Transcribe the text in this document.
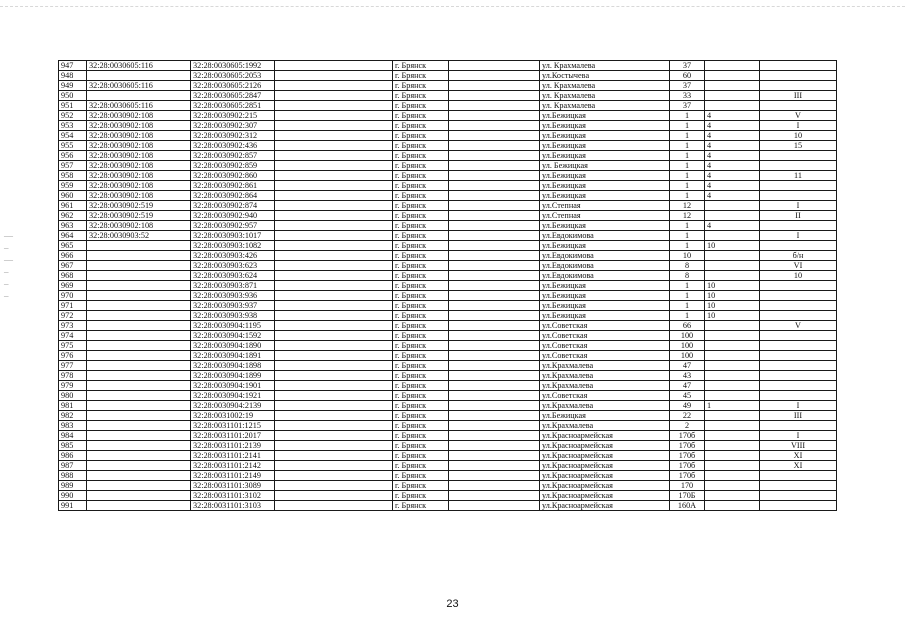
—
–
—
–
–
–
947	32:28:0030605:116	32:28:0030605:1992		г. Брянск		ул. Крахмалева	37		
948		32:28:0030605:2053		г. Брянск		ул.Костычева	60		
949	32:28:0030605:116	32:28:0030605:2126		г. Брянск		ул. Крахмалева	37		
950		32:28:0030605:2847		г. Брянск		ул. Крахмалева	33		III
951	32:28:0030605:116	32:28:0030605:2851		г. Брянск		ул. Крахмалева	37		
952	32:28:0030902:108	32:28:0030902:215		г. Брянск		ул.Бежицкая	1	4	V
953	32:28:0030902:108	32:28:0030902:307		г. Брянск		ул.Бежицкая	1	4	I
954	32:28:0030902:108	32:28:0030902:312		г. Брянск		ул.Бежицкая	1	4	10
955	32:28:0030902:108	32:28:0030902:436		г. Брянск		ул.Бежицкая	1	4	15
956	32:28:0030902:108	32:28:0030902:857		г. Брянск		ул.Бежицкая	1	4	
957	32:28:0030902:108	32:28:0030902:859		г. Брянск		ул. Бежицкая	1	4	
958	32:28:0030902:108	32:28:0030902:860		г. Брянск		ул.Бежицкая	1	4	11
959	32:28:0030902:108	32:28:0030902:861		г. Брянск		ул.Бежицкая	1	4	
960	32:28:0030902:108	32:28:0030902:864		г. Брянск		ул.Бежицкая	1	4	
961	32:28:0030902:519	32:28:0030902:874		г. Брянск		ул.Степная	12		I
962	32:28:0030902:519	32:28:0030902:940		г. Брянск		ул.Степная	12		II
963	32:28:0030902:108	32:28:0030902:957		г. Брянск		ул.Бежицкая	1	4	
964	32:28:0030903:52	32:28:0030903:1017		г. Брянск		ул.Евдокимова	1		I
965		32:28:0030903:1082		г. Брянск		ул.Бежицкая	1	10	
966		32:28:0030903:426		г. Брянск		ул.Евдокимова	10		б/н
967		32:28:0030903:623		г. Брянск		ул.Евдокимова	8		VI
968		32:28:0030903:624		г. Брянск		ул.Евдокимова	8		10
969		32:28:0030903:871		г. Брянск		ул.Бежицкая	1	10	
970		32:28:0030903:936		г. Брянск		ул.Бежицкая	1	10	
971		32:28:0030903:937		г. Брянск		ул.Бежицкая	1	10	
972		32:28:0030903:938		г. Брянск		ул.Бежицкая	1	10	
973		32:28:0030904:1195		г. Брянск		ул.Советская	66		V
974		32:28:0030904:1592		г. Брянск		ул.Советская	100		
975		32:28:0030904:1890		г. Брянск		ул.Советская	100		
976		32:28:0030904:1891		г. Брянск		ул.Советская	100		
977		32:28:0030904:1898		г. Брянск		ул.Крахмалева	47		
978		32:28:0030904:1899		г. Брянск		ул.Крахмалева	43		
979		32:28:0030904:1901		г. Брянск		ул.Крахмалева	47		
980		32:28:0030904:1921		г. Брянск		ул.Советская	45		
981		32:28:0030904:2139		г. Брянск		ул.Крахмалева	49	1	I
982		32:28:0031002:19		г. Брянск		ул.Бежицкая	22		III
983		32:28:0031101:1215		г. Брянск		ул.Крахмалева	2		
984		32:28:0031101:2017		г. Брянск		ул.Красноармейская	170б		I
985		32:28:0031101:2139		г. Брянск		ул.Красноармейская	170б		VIII
986		32:28:0031101:2141		г. Брянск		ул.Красноармейская	170б		XI
987		32:28:0031101:2142		г. Брянск		ул.Красноармейская	170б		XI
988		32:28:0031101:2149		г. Брянск		ул.Красноармейская	170б		
989		32:28:0031101:3089		г. Брянск		ул.Красноармейская	170		
990		32:28:0031101:3102		г. Брянск		ул.Красноармейская	170Б		
991		32:28:0031101:3103		г. Брянск		ул.Красноармейская	160А		
23
